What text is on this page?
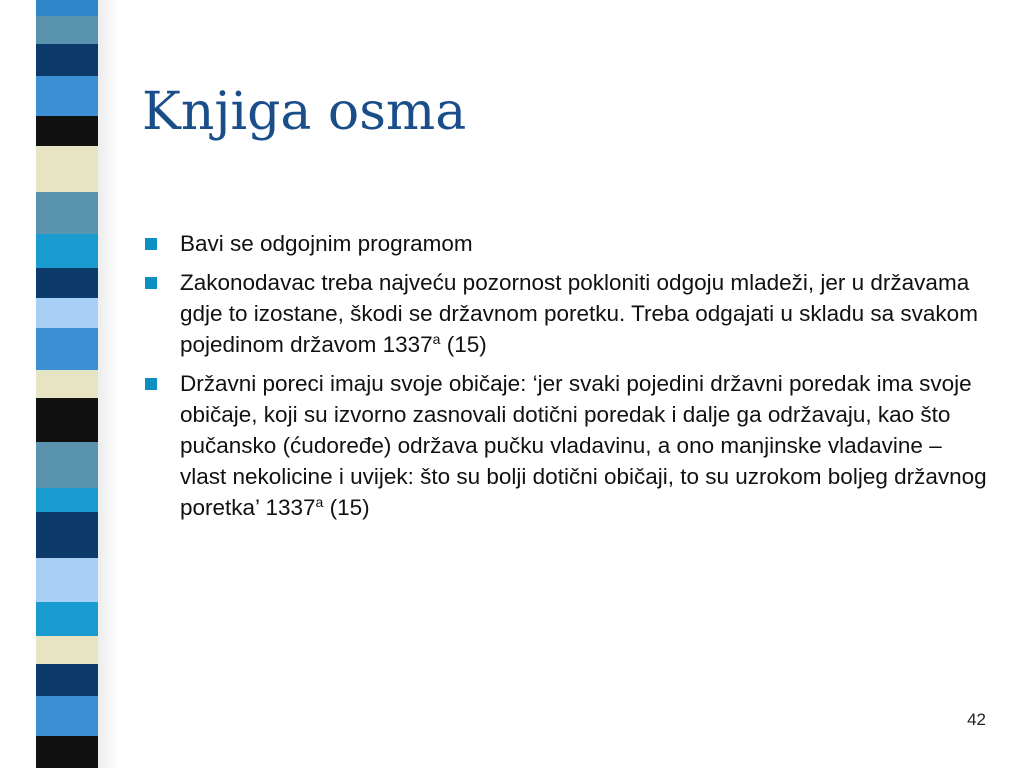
Knjiga osma
Bavi se odgojnim programom
Zakonodavac treba najveću pozornost pokloniti odgoju mladeži, jer u državama gdje to izostane, škodi se državnom poretku. Treba odgajati u skladu sa svakom pojedinom državom 1337$^a$ (15)
Državni poreci imaju svoje običaje: ‘jer svaki pojedini državni poredak ima svoje običaje, koji su izvorno zasnovali dotični poredak i dalje ga održavaju, kao što pučansko (ćudoređe) održava pučku vladavinu, a ono manjinske vladavine – vlast nekolicine i uvijek: što su bolji dotični običaji, to su uzrokom boljeg državnog poretka’ 1337$^a$ (15)
42
